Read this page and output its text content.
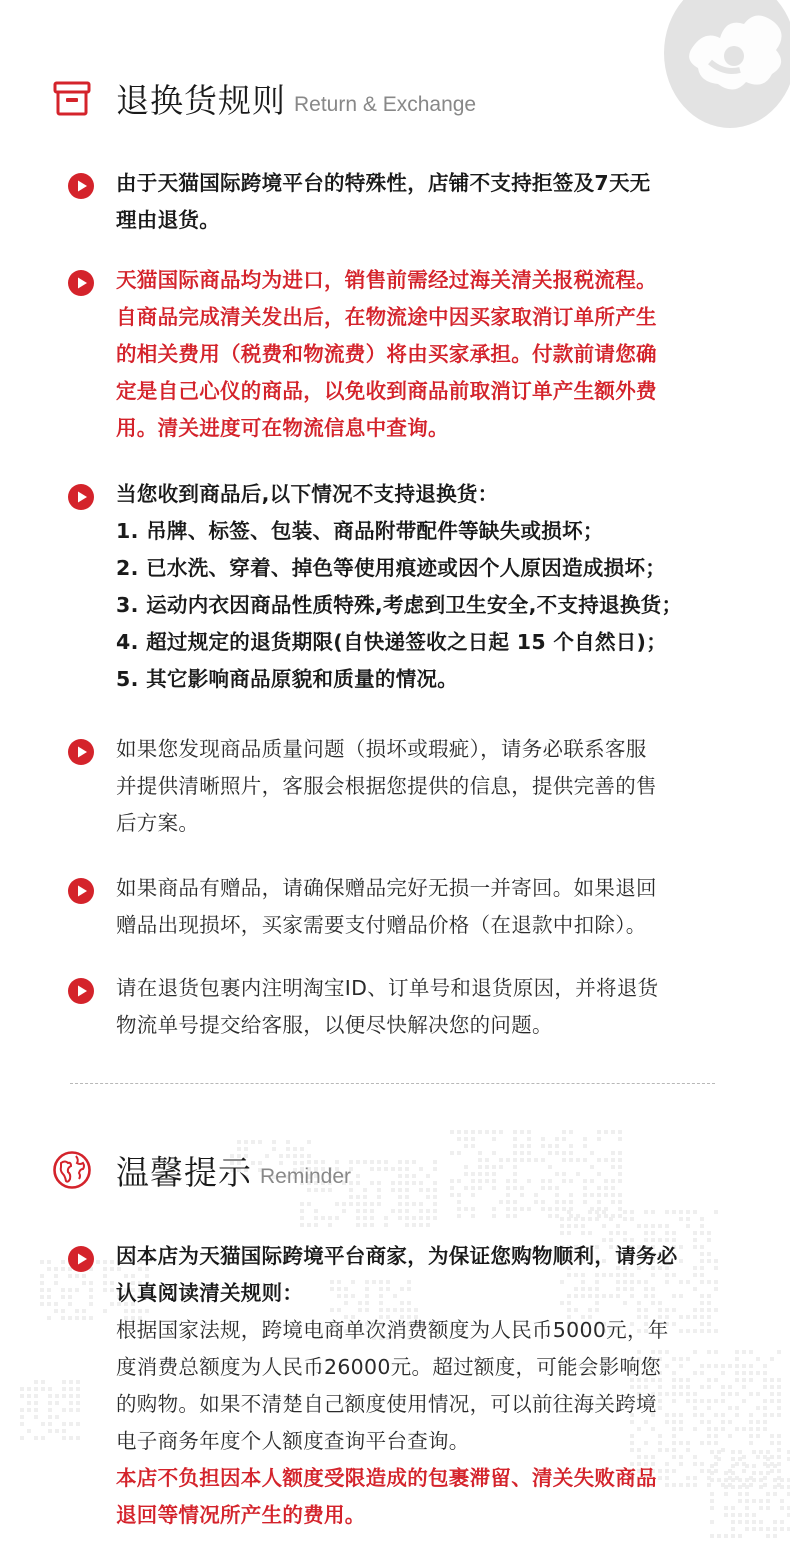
退换货规则 Return & Exchange

由于天猫国际跨境平台的特殊性，店铺不支持拒签及7天无
理由退货。

天猫国际商品均为进口，销售前需经过海关清关报税流程。
自商品完成清关发出后，在物流途中因买家取消订单所产生
的相关费用（税费和物流费）将由买家承担。付款前请您确
定是自己心仪的商品，以免收到商品前取消订单产生额外费
用。清关进度可在物流信息中查询。

当您收到商品后,以下情况不支持退换货：
1. 吊牌、标签、包装、商品附带配件等缺失或损坏；
2. 已水洗、穿着、掉色等使用痕迹或因个人原因造成损坏；
3. 运动内衣因商品性质特殊,考虑到卫生安全,不支持退换货；
4. 超过规定的退货期限(自快递签收之日起 15 个自然日)；
5. 其它影响商品原貌和质量的情况。

如果您发现商品质量问题（损坏或瑕疵），请务必联系客服
并提供清晰照片，客服会根据您提供的信息，提供完善的售
后方案。

如果商品有赠品，请确保赠品完好无损一并寄回。如果退回
赠品出现损坏，买家需要支付赠品价格（在退款中扣除）。

请在退货包裹内注明淘宝ID、订单号和退货原因，并将退货
物流单号提交给客服，以便尽快解决您的问题。

温馨提示 Reminder

因本店为天猫国际跨境平台商家，为保证您购物顺利，请务必
认真阅读清关规则：

根据国家法规，跨境电商单次消费额度为人民币5000元，年
度消费总额度为人民币26000元。超过额度，可能会影响您
的购物。如果不清楚自己额度使用情况，可以前往海关跨境
电子商务年度个人额度查询平台查询。

本店不负担因本人额度受限造成的包裹滞留、清关失败商品
退回等情况所产生的费用。
